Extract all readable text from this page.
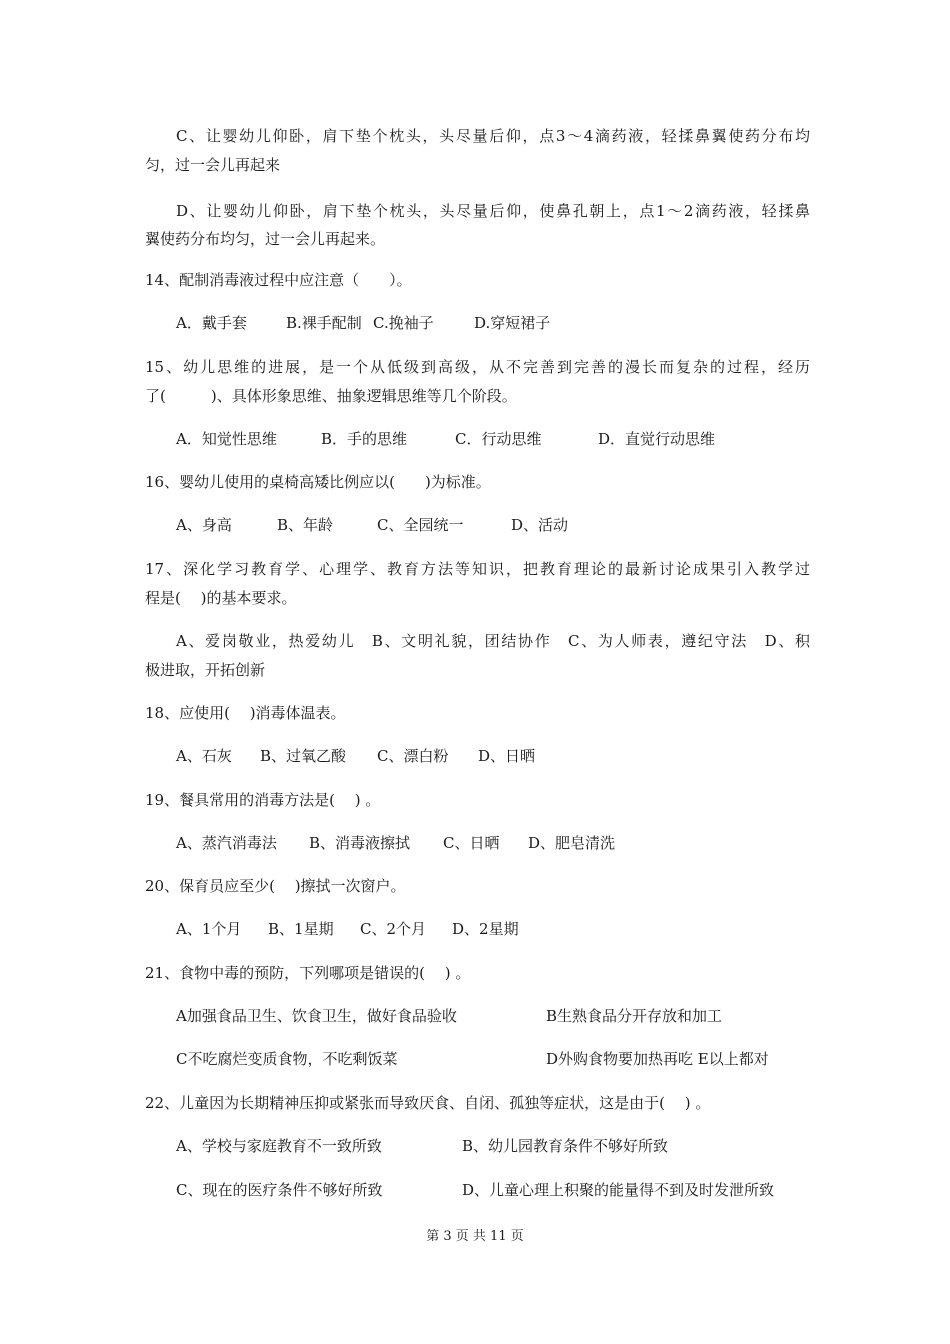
C、让婴幼儿仰卧，肩下垫个枕头，头尽量后仰，点3～4滴药液，轻揉鼻翼使药分布均
匀，过一会儿再起来
D、让婴幼儿仰卧，肩下垫个枕头，头尽量后仰，使鼻孔朝上，点1～2滴药液，轻揉鼻
翼使药分布均匀，过一会儿再起来。
14、配制消毒液过程中应注意（　　）。
A．戴手套	B.裸手配制 C.挽袖子	D.穿短裙子
15、幼儿思维的进展，是一个从低级到高级，从不完善到完善的漫长而复杂的过程，经历
了(　　　)、具体形象思维、抽象逻辑思维等几个阶段。
A．知觉性思维	B．手的思维	C．行动思维	D．直觉行动思维
16、婴幼儿使用的桌椅高矮比例应以(　　)为标准。
A、身高	B、年龄	C、全园统一	D、活动
17、深化学习教育学、心理学、教育方法等知识，把教育理论的最新讨论成果引入教学过
程是(　 )的基本要求。
A、爱岗敬业，热爱幼儿　B、文明礼貌，团结协作　C、为人师表，遵纪守法　D、积
极进取，开拓创新
18、应使用(　 )消毒体温表。
A、石灰	B、过氧乙酸	C、漂白粉	D、日晒
19、餐具常用的消毒方法是(　 ) 。
A、蒸汽消毒法	B、消毒液擦拭	C、日晒	D、肥皂清洗
20、保育员应至少(　 )擦拭一次窗户。
A、1个月	B、1星期	C、2个月	D、2星期
21、食物中毒的预防，下列哪项是错误的(　 ) 。
A加强食品卫生、饮食卫生，做好食品验收	B生熟食品分开存放和加工
C不吃腐烂变质食物，不吃剩饭菜	D外购食物要加热再吃 E以上都对
22、儿童因为长期精神压抑或紧张而导致厌食、自闭、孤独等症状，这是由于(　 ) 。
A、学校与家庭教育不一致所致	B、幼儿园教育条件不够好所致
C、现在的医疗条件不够好所致	D、儿童心理上积聚的能量得不到及时发泄所致
第 3 页 共 11 页
